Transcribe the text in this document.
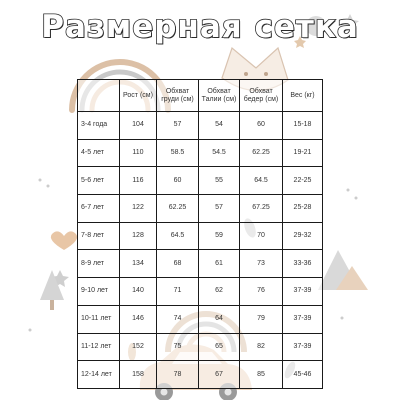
Размерная сетка
	Рост (см)	Обхват груди (см)	Обхват Талии (см)	Обхват бедер (см)	Вес (кг)
3-4 года	104	57	54	60	15-18
4-5 лет	110	58.5	54.5	62.25	19-21
5-6 лет	116	60	55	64.5	22-25
6-7 лет	122	62.25	57	67.25	25-28
7-8 лет	128	64.5	59	70	29-32
8-9 лет	134	68	61	73	33-36
9-10 лет	140	71	62	76	37-39
10-11 лет	146	74	64	79	37-39
11-12 лет	152	75	65	82	37-39
12-14 лет	158	78	67	85	45-46
